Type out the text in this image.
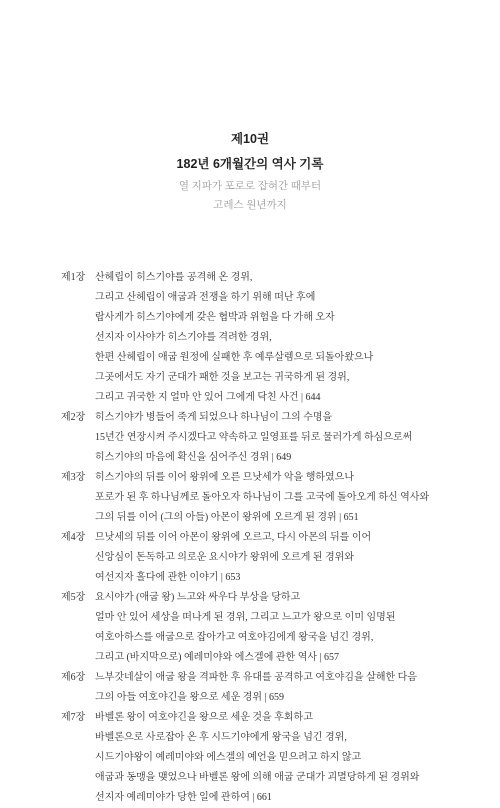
제10권
182년 6개월간의 역사 기록
열 지파가 포로로 잡혀간 때부터
고레스 원년까지
제1장 산헤립이 히스기야를 공격해 온 경위,
그리고 산헤립이 애굽과 전쟁을 하기 위해 떠난 후에
랍사게가 히스기야에게 갖은 협박과 위험을 다 가해 오자
선지자 이사야가 히스기야를 격려한 경위,
한편 산헤립이 애굽 원정에 실패한 후 예루살렘으로 되돌아왔으나
그곳에서도 자기 군대가 패한 것을 보고는 귀국하게 된 경위,
그리고 귀국한 지 얼마 안 있어 그에게 닥친 사건 | 644
제2장 히스기야가 병들어 죽게 되었으나 하나님이 그의 수명을
15년간 연장시켜 주시겠다고 약속하고 일영표를 뒤로 물러가게 하심으로써
히스기야의 마음에 확신을 심어주신 경위 | 649
제3장 히스기야의 뒤를 이어 왕위에 오른 므낫세가 악을 행하였으나
포로가 된 후 하나님께로 돌아오자 하나님이 그를 고국에 돌아오게 하신 역사와
그의 뒤를 이어 (그의 아들) 아몬이 왕위에 오르게 된 경위 | 651
제4장 므낫세의 뒤를 이어 아몬이 왕위에 오르고, 다시 아몬의 뒤를 이어
신앙심이 돈독하고 의로운 요시야가 왕위에 오르게 된 경위와
여선지자 홀다에 관한 이야기 | 653
제5장 요시야가 (애굽 왕) 느고와 싸우다 부상을 당하고
얼마 안 있어 세상을 떠나게 된 경위, 그리고 느고가 왕으로 이미 임명된
여호아하스를 애굽으로 잡아가고 여호야김에게 왕국을 넘긴 경위,
그리고 (바지막으로) 예레미야와 에스겔에 관한 역사 | 657
제6장 느부갓네살이 애굽 왕을 격파한 후 유대를 공격하고 여호야김을 살해한 다음
그의 아들 여호야긴을 왕으로 세운 경위 | 659
제7장 바벨론 왕이 여호야긴을 왕으로 세운 것을 후회하고
바벨론으로 사로잡아 온 후 시드기야에게 왕국을 넘긴 경위,
시드기야왕이 예레미야와 에스겔의 예언을 믿으려고 하지 않고
애굽과 동맹을 맺었으나 바벨론 왕에 의해 애굽 군대가 괴멸당하게 된 경위와
선지자 예레미야가 당한 일에 관하여 | 661
